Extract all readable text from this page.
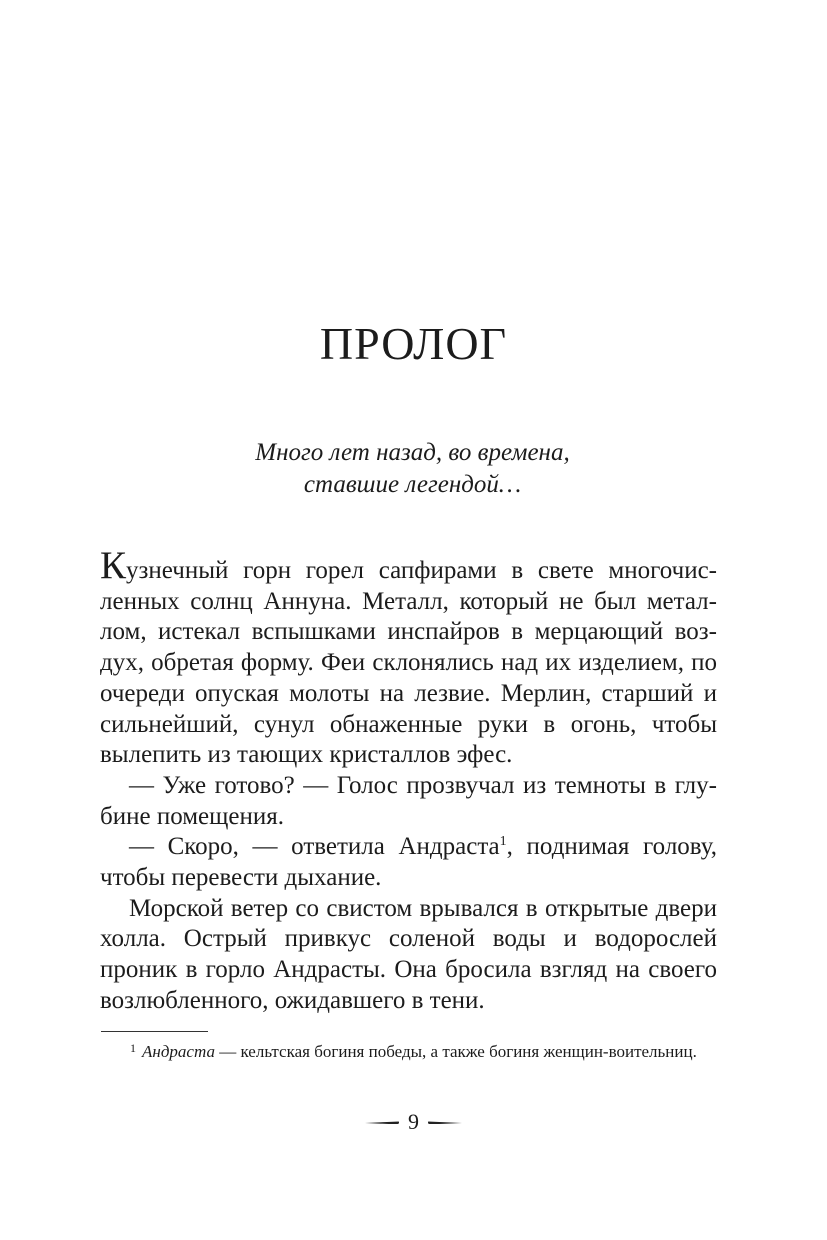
ПРОЛОГ
Много лет назад, во времена,
ставшие легендой…

Кузнечный горн горел сапфирами в свете многочисленных солнц Аннуна. Металл, который не был металлом, истекал вспышками инспайров в мерцающий воздух, обретая форму. Феи склонялись над их изделием, по очереди опуская молоты на лезвие. Мерлин, старший и сильнейший, сунул обнаженные руки в огонь, чтобы вылепить из тающих кристаллов эфес.

— Уже готово? — Голос прозвучал из темноты в глубине помещения.

— Скоро, — ответила Андраста$^1$, поднимая голову, чтобы перевести дыхание.

Морской ветер со свистом врывался в открытые двери холла. Острый привкус соленой воды и водорослей проник в горло Андрасты. Она бросила взгляд на своего возлюбленного, ожидавшего в тени.

$^1$ Андраста — кельтская богиня победы, а также богиня женщин-воительниц.
9
